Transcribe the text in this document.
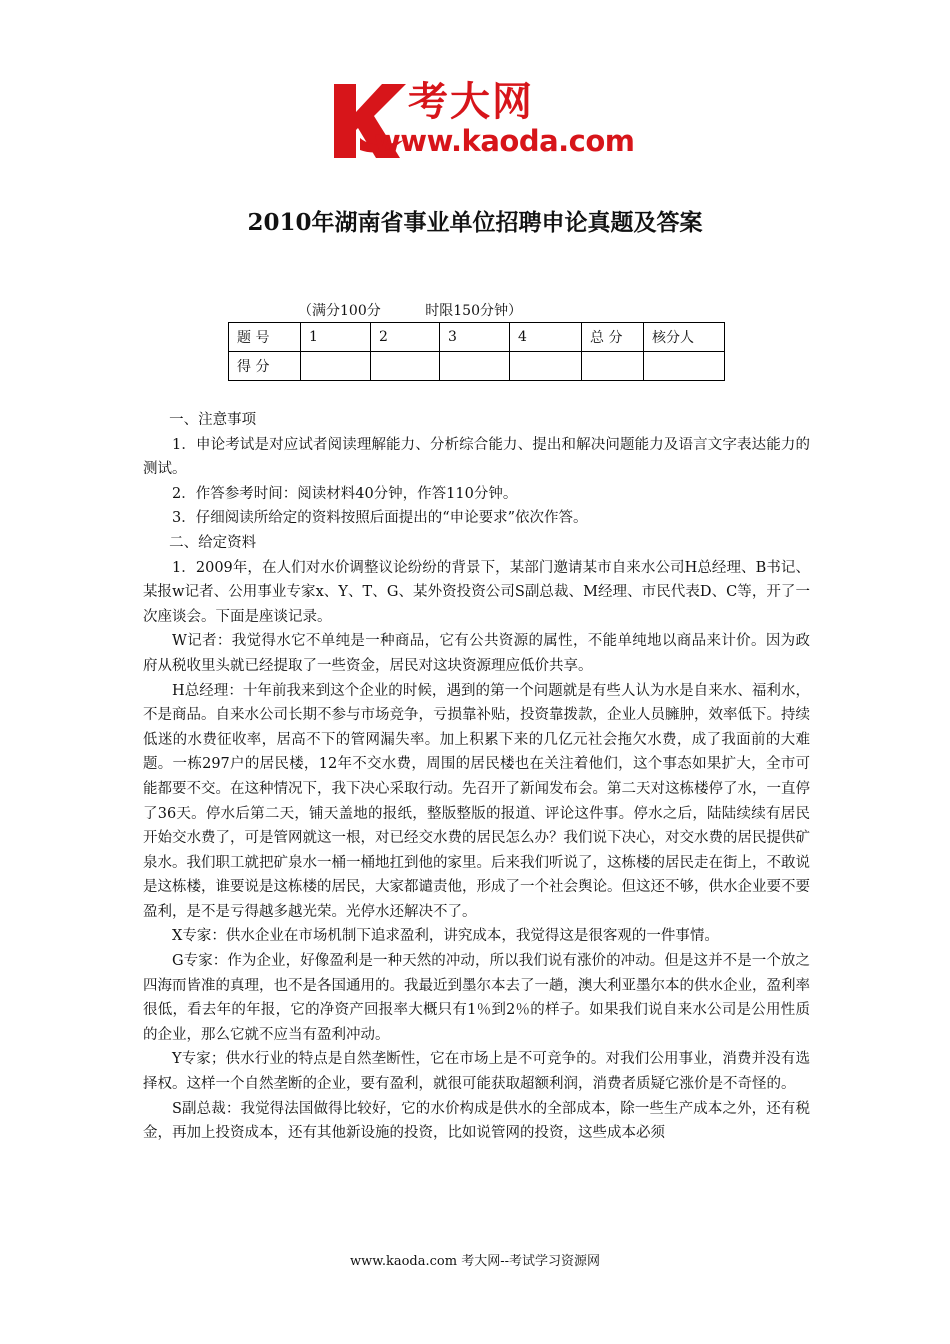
考大网
www.kaoda.com
2010年湖南省事业单位招聘申论真题及答案
（满分100分	时限150分钟）
题 号	1	2	3	4	总 分	核分人
得 分						

一、注意事项

1．申论考试是对应试者阅读理解能力、分析综合能力、提出和解决问题能力及语言文字表达能力的测试。

2．作答参考时间：阅读材料40分钟，作答110分钟。

3．仔细阅读所给定的资料按照后面提出的“申论要求”依次作答。

二、给定资料

1．2009年，在人们对水价调整议论纷纷的背景下，某部门邀请某市自来水公司H总经理、B书记、某报w记者、公用事业专家x、Y、T、G、某外资投资公司S副总裁、M经理、市民代表D、C等，开了一次座谈会。下面是座谈记录。

W记者：我觉得水它不单纯是一种商品，它有公共资源的属性，不能单纯地以商品来计价。因为政府从税收里头就已经提取了一些资金，居民对这块资源理应低价共享。

H总经理：十年前我来到这个企业的时候，遇到的第一个问题就是有些人认为水是自来水、福利水，不是商品。自来水公司长期不参与市场竞争，亏损靠补贴，投资靠拨款，企业人员臃肿，效率低下。持续低迷的水费征收率，居高不下的管网漏失率。加上积累下来的几亿元社会拖欠水费，成了我面前的大难题。一栋297户的居民楼，12年不交水费，周围的居民楼也在关注着他们，这个事态如果扩大，全市可能都要不交。在这种情况下，我下决心采取行动。先召开了新闻发布会。第二天对这栋楼停了水，一直停了36天。停水后第二天，铺天盖地的报纸，整版整版的报道、评论这件事。停水之后，陆陆续续有居民开始交水费了，可是管网就这一根，对已经交水费的居民怎么办？我们说下决心，对交水费的居民提供矿泉水。我们职工就把矿泉水一桶一桶地扛到他的家里。后来我们听说了，这栋楼的居民走在街上，不敢说是这栋楼，谁要说是这栋楼的居民，大家都谴责他，形成了一个社会舆论。但这还不够，供水企业要不要盈利，是不是亏得越多越光荣。光停水还解决不了。

X专家：供水企业在市场机制下追求盈利，讲究成本，我觉得这是很客观的一件事情。

G专家：作为企业，好像盈利是一种天然的冲动，所以我们说有涨价的冲动。但是这并不是一个放之四海而皆准的真理，也不是各国通用的。我最近到墨尔本去了一趟，澳大利亚墨尔本的供水企业，盈利率很低，看去年的年报，它的净资产回报率大概只有1％到2％的样子。如果我们说自来水公司是公用性质的企业，那么它就不应当有盈利冲动。

Y专家；供水行业的特点是自然垄断性，它在市场上是不可竞争的。对我们公用事业，消费并没有选择权。这样一个自然垄断的企业，要有盈利，就很可能获取超额利润，消费者质疑它涨价是不奇怪的。

S副总裁：我觉得法国做得比较好，它的水价构成是供水的全部成本，除一些生产成本之外，还有税金，再加上投资成本，还有其他新设施的投资，比如说管网的投资，这些成本必须

www.kaoda.com 考大网--考试学习资源网
